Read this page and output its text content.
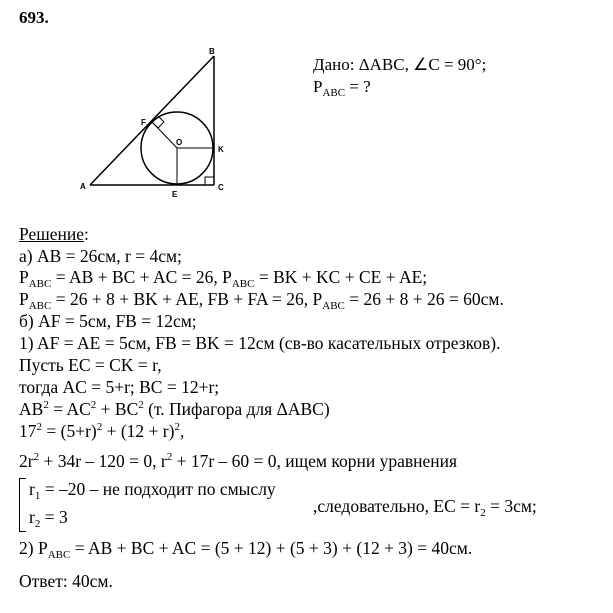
693.
A
B
C
E
F
K
O
Дано: ΔABC, ∠C = 90°;
$P_{ABC}$ = ?
Решение:
а) AB = 26см, r = 4см;
$P_{ABC}$ = AB + BC + AC = 26, $P_{ABC}$ = BK + KC + CE + AE;
$P_{ABC} = 26 + 8$ + BK + AE, FB + FA = 26, $P_{ABC} = 26 + 8 + 26 = 60см$.
б) AF = 5см, FB = 12см;
1) AF = AE = 5см, FB = BK = 12см (св-во касательных отрезков).
Пусть EC = CK = r,
тогда AC = 5+r; BC = 12+r;
$AB^2 = AC^2 + BC^2$ (т. Пифагора для ΔABC)
$17^2 = (5+r)^2 + (12 + r)^2$,
$2r^2 + 34r - 120 = 0$, $r^2 + 17r - 60 = 0$, ищем корни уравнения
$r_1 = -20$ – не подходит по смыслу
$r_2 = 3$
,следовательно, EC = $r_2 = 3см$;
2) $P_{ABC}$ = AB + BC + AC = (5 + 12) + (5 + 3) + (12 + 3) = 40см.
Ответ: 40см.
